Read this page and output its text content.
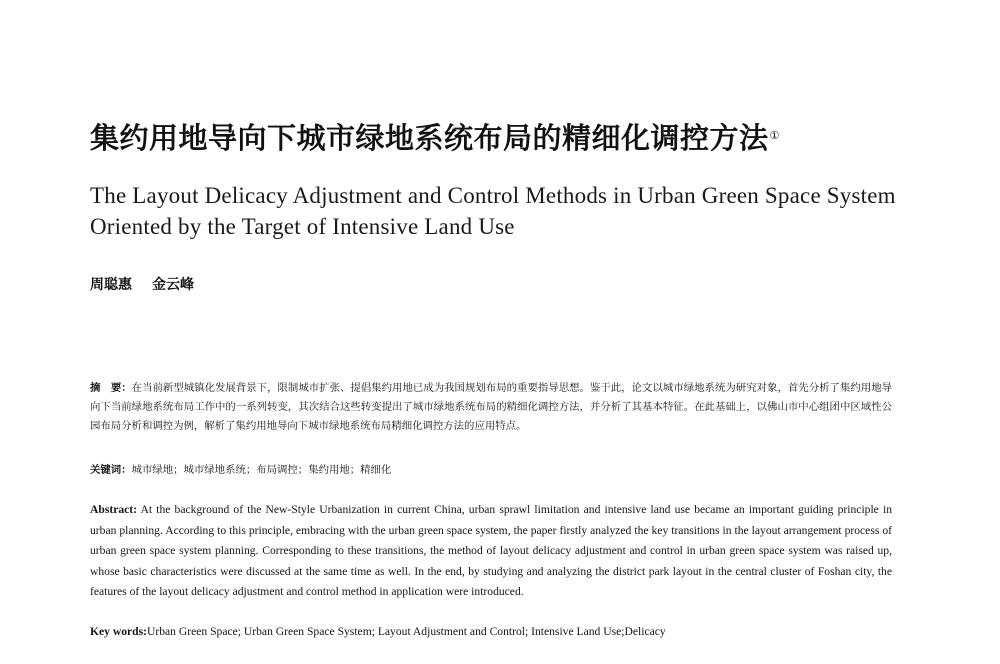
集约用地导向下城市绿地系统布局的精细化调控方法①
The Layout Delicacy Adjustment and Control Methods in Urban Green Space System Oriented by the Target of Intensive Land Use
周聪惠 金云峰
摘　要：在当前新型城镇化发展背景下，限制城市扩张、提倡集约用地已成为我国规划布局的重要指导思想。鉴于此，论文以城市绿地系统为研究对象，首先分析了集约用地导向下当前绿地系统布局工作中的一系列转变，其次结合这些转变提出了城市绿地系统布局的精细化调控方法，并分析了其基本特征。在此基础上，以佛山市中心组团中区域性公园布局分析和调控为例，解析了集约用地导向下城市绿地系统布局精细化调控方法的应用特点。
关键词：城市绿地；城市绿地系统；布局调控；集约用地；精细化
Abstract: At the background of the New-Style Urbanization in current China, urban sprawl limitation and intensive land use became an important guiding principle in urban planning. According to this principle, embracing with the urban green space system, the paper firstly analyzed the key transitions in the layout arrangement process of urban green space system planning. Corresponding to these transitions, the method of layout delicacy adjustment and control in urban green space system was raised up, whose basic characteristics were discussed at the same time as well. In the end, by studying and analyzing the district park layout in the central cluster of Foshan city, the features of the layout delicacy adjustment and control method in application were introduced.
Key words:Urban Green Space; Urban Green Space System; Layout Adjustment and Control; Intensive Land Use;Delicacy
